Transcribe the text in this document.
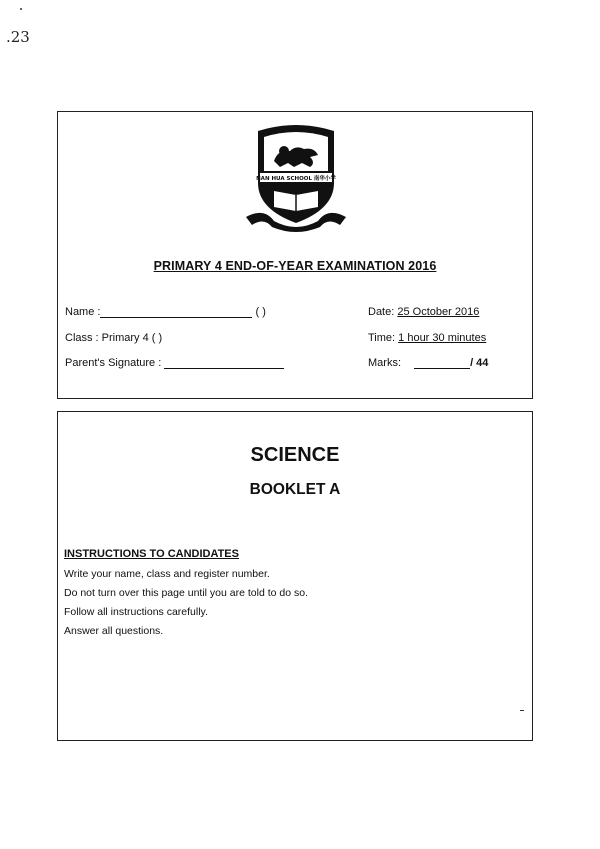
.23
NAN HUA SCHOOL 南华小学
PRIMARY 4 END-OF-YEAR EXAMINATION 2016
Name :	( )
Class : Primary 4 ( )
Parent's Signature :
Date: 25 October 2016
Time: 1 hour 30 minutes
Marks:	/ 44
SCIENCE
BOOKLET A
INSTRUCTIONS TO CANDIDATES
Write your name, class and register number.
Do not turn over this page until you are told to do so.
Follow all instructions carefully.
Answer all questions.
